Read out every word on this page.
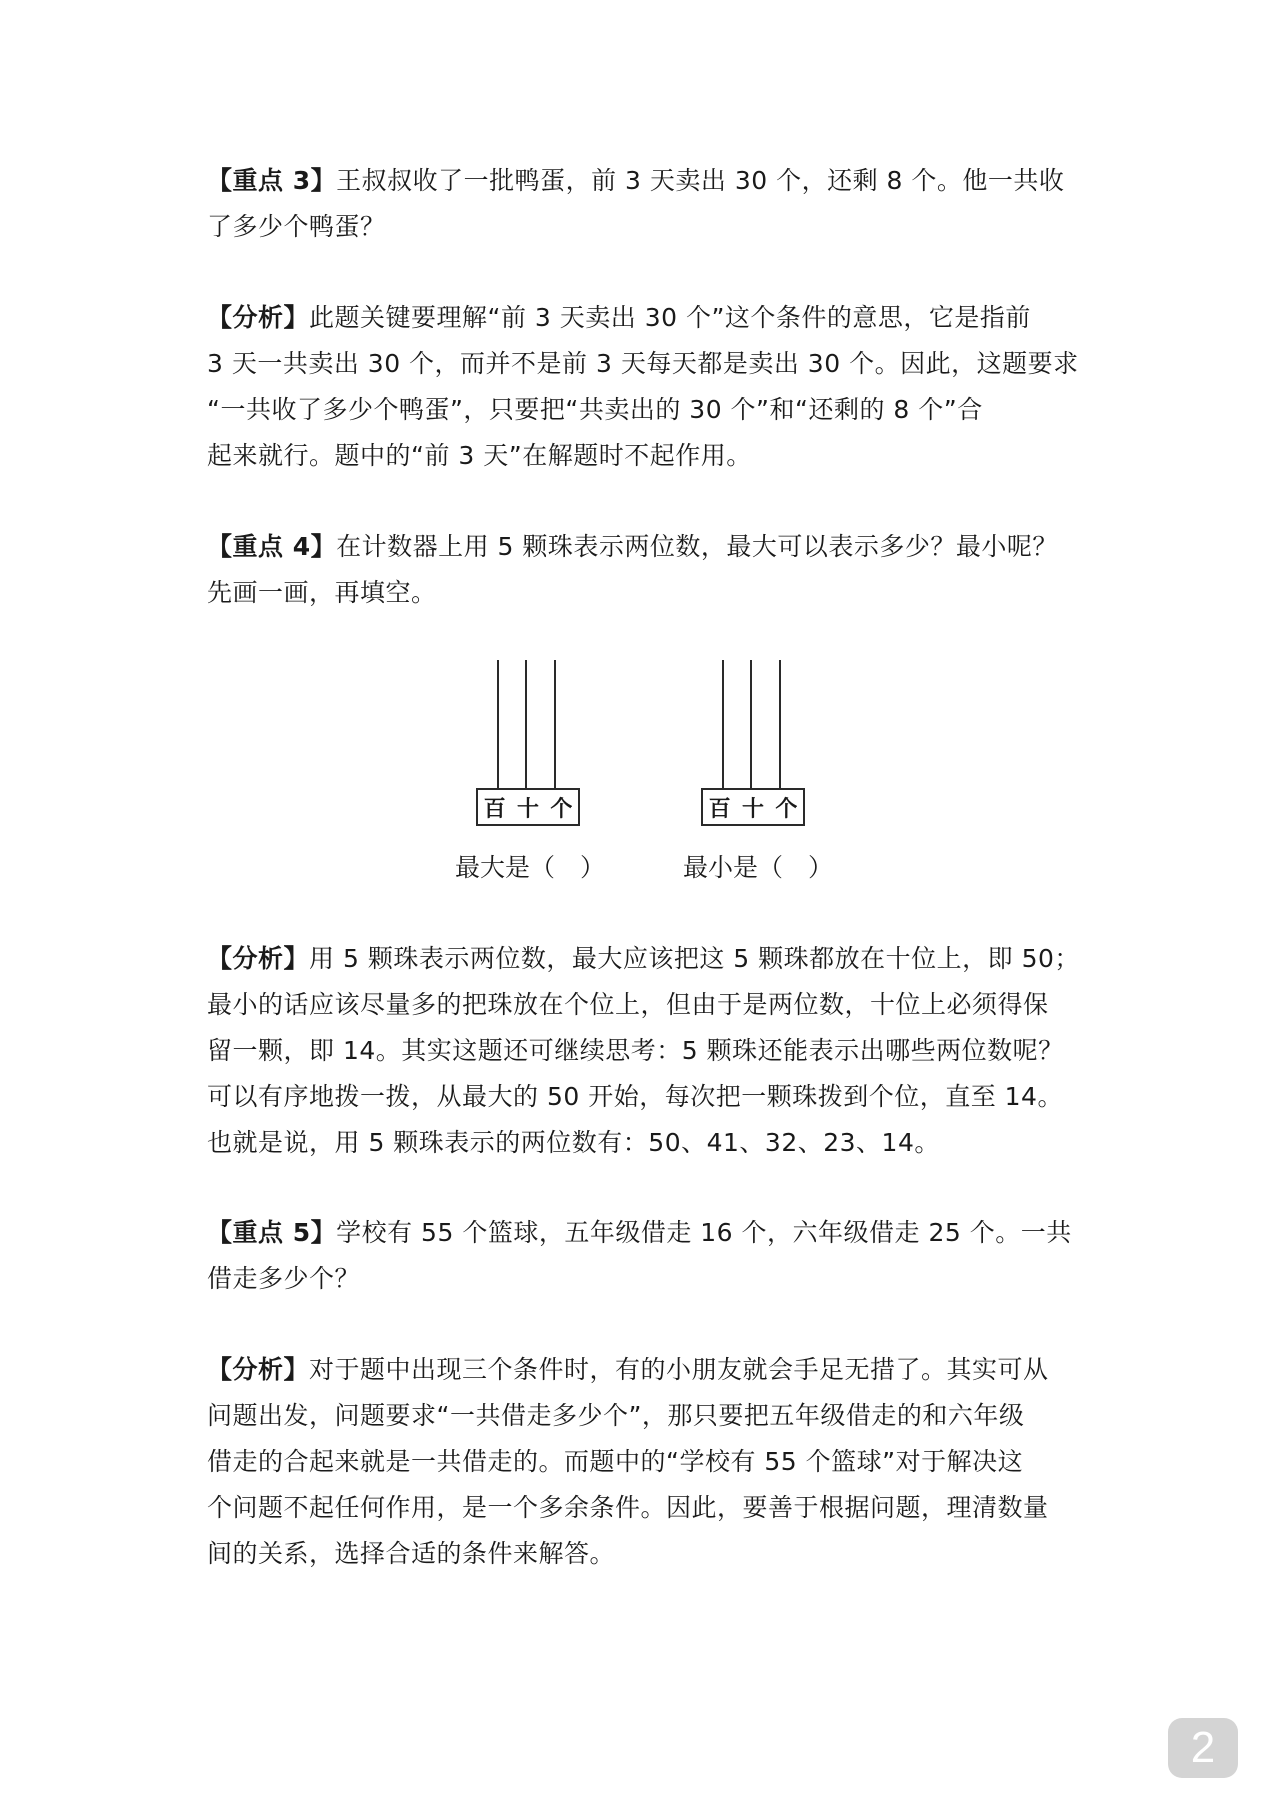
【重点 3】王叔叔收了一批鸭蛋，前 3 天卖出 30 个，还剩 8 个。他一共收
了多少个鸭蛋？
【分析】此题关键要理解“前 3 天卖出 30 个”这个条件的意思，它是指前
3 天一共卖出 30 个，而并不是前 3 天每天都是卖出 30 个。因此，这题要求
“一共收了多少个鸭蛋”，只要把“共卖出的 30 个”和“还剩的 8 个”合
起来就行。题中的“前 3 天”在解题时不起作用。
【重点 4】在计数器上用 5 颗珠表示两位数，最大可以表示多少？最小呢？
先画一画，再填空。
百 十 个	百 十 个
最大是（　）	最小是（　）
【分析】用 5 颗珠表示两位数，最大应该把这 5 颗珠都放在十位上，即 50；
最小的话应该尽量多的把珠放在个位上，但由于是两位数，十位上必须得保
留一颗，即 14。其实这题还可继续思考：5 颗珠还能表示出哪些两位数呢？
可以有序地拨一拨，从最大的 50 开始，每次把一颗珠拨到个位，直至 14。
也就是说，用 5 颗珠表示的两位数有：50、41、32、23、14。
【重点 5】学校有 55 个篮球，五年级借走 16 个，六年级借走 25 个。一共
借走多少个？
【分析】对于题中出现三个条件时，有的小朋友就会手足无措了。其实可从
问题出发，问题要求“一共借走多少个”，那只要把五年级借走的和六年级
借走的合起来就是一共借走的。而题中的“学校有 55 个篮球”对于解决这
个问题不起任何作用，是一个多余条件。因此，要善于根据问题，理清数量
间的关系，选择合适的条件来解答。
2
